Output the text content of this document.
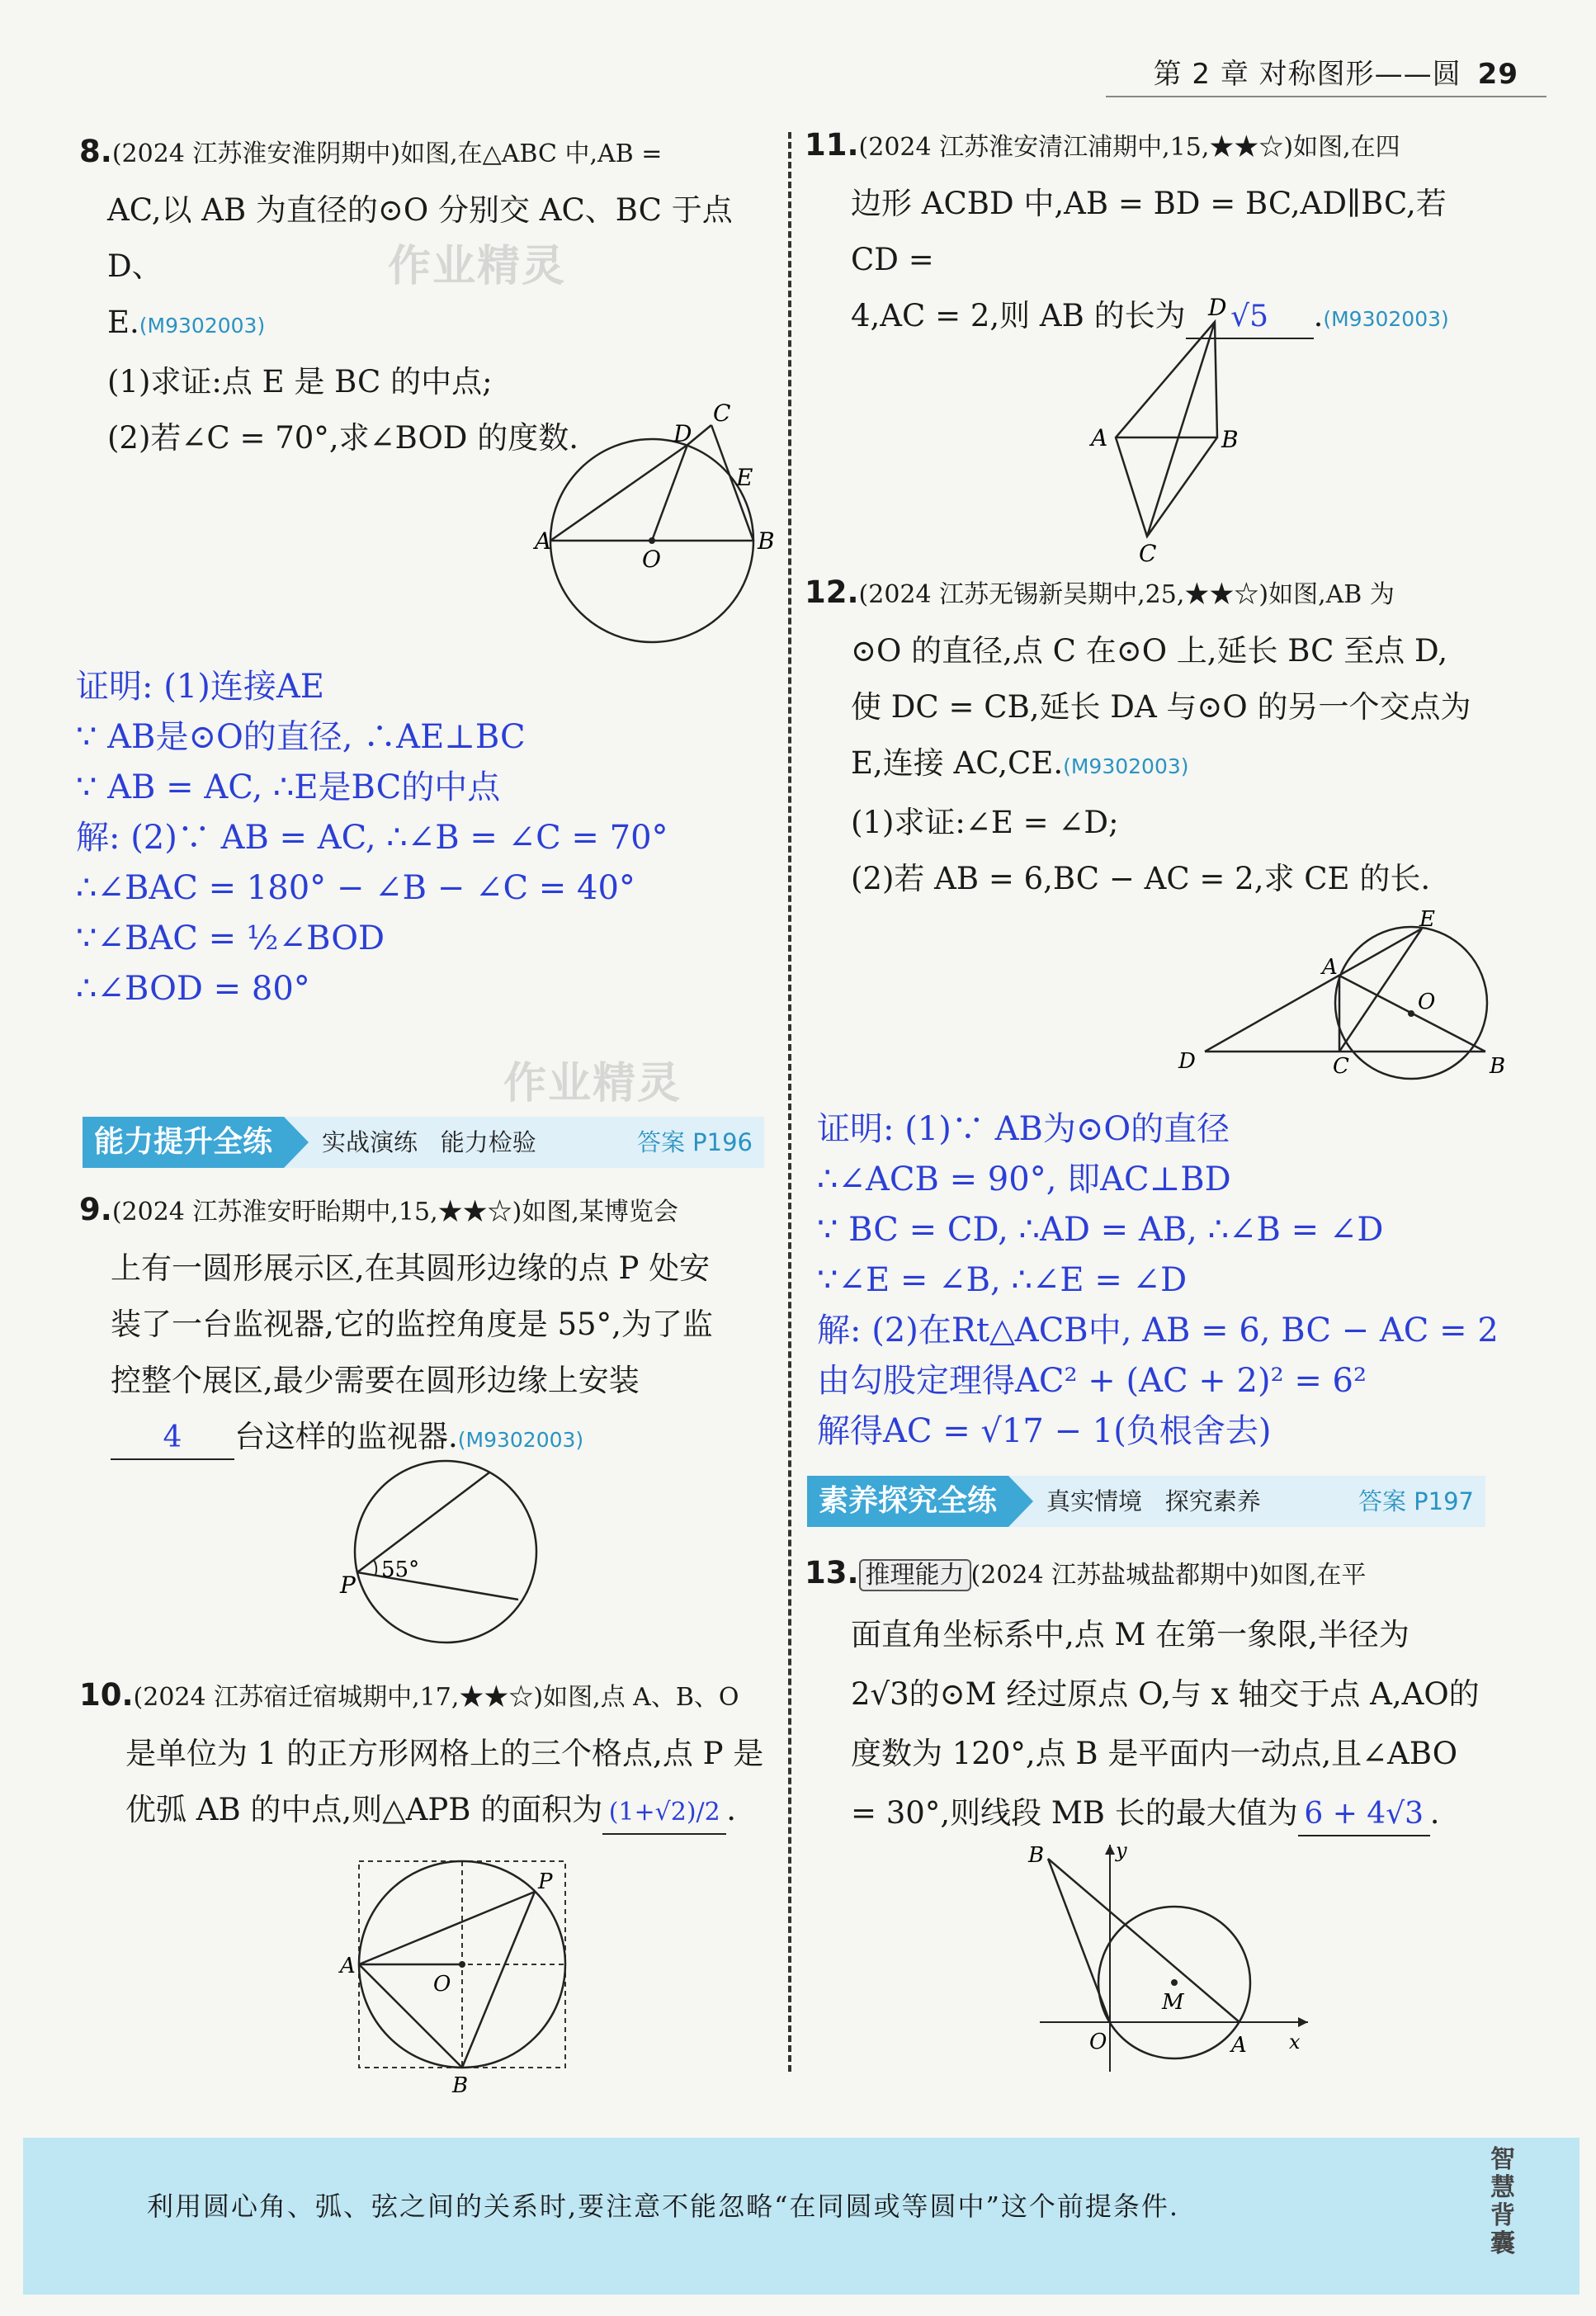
第 2 章 对称图形——圆 29

8.(2024 江苏淮安淮阴期中)如图,在△ABC 中,AB =

AC,以 AB 为直径的⊙O 分别交 AC、BC 于点 D、

E.(M9302003)

(1)求证:点 E 是 BC 的中点;

(2)若∠C = 70°,求∠BOD 的度数.

作业精灵
A	B
C
D
E
O

证明: (1)连接AE

∵ AB是⊙O的直径, ∴AE⊥BC

∵ AB = AC, ∴E是BC的中点

解: (2)∵ AB = AC, ∴∠B = ∠C = 70°

∴∠BAC = 180° − ∠B − ∠C = 40°

∵∠BAC = ½∠BOD

∴∠BOD = 80°

作业精灵
能力提升全练	实战演练 能力检验	答案 P196

9.(2024 江苏淮安盱眙期中,15,★★☆)如图,某博览会

上有一圆形展示区,在其圆形边缘的点 P 处安

装了一台监视器,它的监控角度是 55°,为了监

控整个展区,最少需要在圆形边缘上安装

4 台这样的监视器.(M9302003)

P
55°

10.(2024 江苏宿迁宿城期中,17,★★☆)如图,点 A、B、O

是单位为 1 的正方形网格上的三个格点,点 P 是

优弧 AB 的中点,则△APB 的面积为 (1+√2)/2 .

A
B
O
P

11.(2024 江苏淮安清江浦期中,15,★★☆)如图,在四

边形 ACBD 中,AB = BD = BC,AD∥BC,若 CD =

4,AC = 2,则 AB 的长为 √5 .(M9302003)

D
A	B
C

12.(2024 江苏无锡新吴期中,25,★★☆)如图,AB 为

⊙O 的直径,点 C 在⊙O 上,延长 BC 至点 D,

使 DC = CB,延长 DA 与⊙O 的另一个交点为

E,连接 AC,CE.(M9302003)

(1)求证:∠E = ∠D;

(2)若 AB = 6,BC − AC = 2,求 CE 的长.

D
A
C	B
E
O

证明: (1)∵ AB为⊙O的直径

∴∠ACB = 90°, 即AC⊥BD

∵ BC = CD, ∴AD = AB, ∴∠B = ∠D

∵∠E = ∠B, ∴∠E = ∠D

解: (2)在Rt△ACB中, AB = 6, BC − AC = 2

由勾股定理得AC² + (AC + 2)² = 6²

解得AC = √17 − 1(负根舍去)

素养探究全练	真实情境 探究素养	答案 P197

13. 推理能力 (2024 江苏盐城盐都期中)如图,在平

面直角坐标系中,点 M 在第一象限,半径为

2√3的⊙M 经过原点 O,与 x 轴交于点 A,AO的

度数为 120°,点 B 是平面内一动点,且∠ABO

= 30°,则线段 MB 长的最大值为 6 + 4√3 .

B	y
M
O	A x
利用圆心角、弧、弦之间的关系时,要注意不能忽略“在同圆或等圆中”这个前提条件.
智慧背囊
